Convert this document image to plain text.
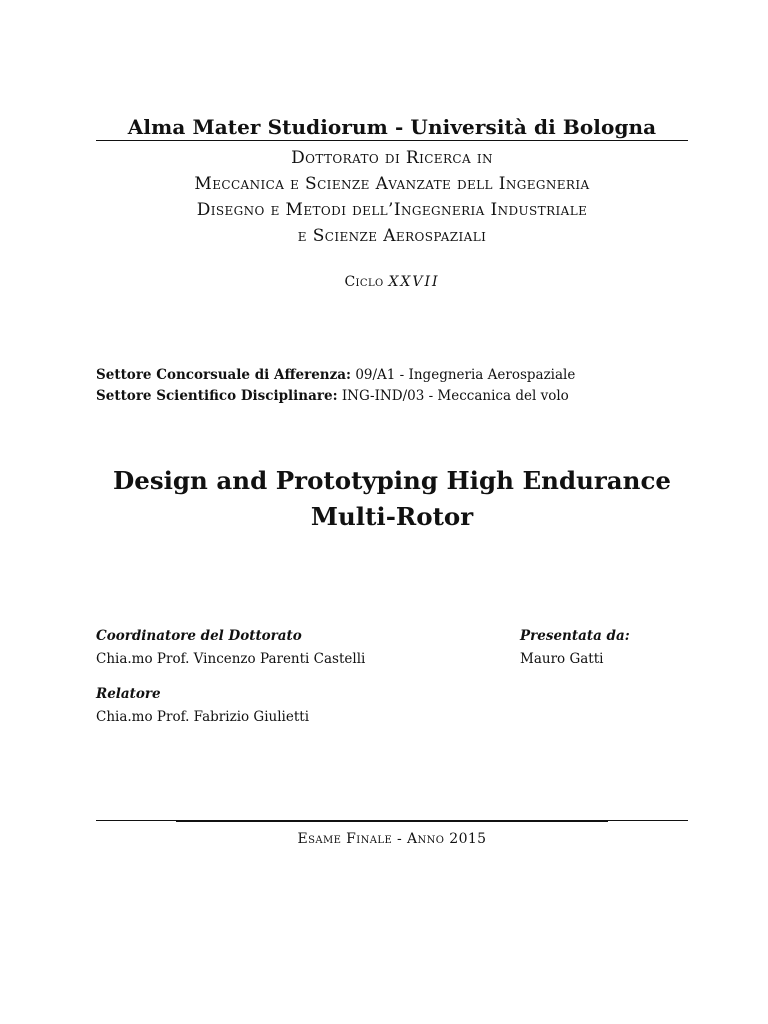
Alma Mater Studiorum - Università di Bologna
Dottorato di Ricerca in
Meccanica e Scienze Avanzate dell Ingegneria
Disegno e Metodi dell’Ingegneria Industriale
e Scienze Aerospaziali
Ciclo XXVII
Settore Concorsuale di Afferenza: 09/A1 - Ingegneria Aerospaziale
Settore Scientifico Disciplinare: ING-IND/03 - Meccanica del volo
Design and Prototyping High Endurance
Multi-Rotor
Coordinatore del Dottorato
Chia.mo Prof. Vincenzo Parenti Castelli
Presentata da:
Mauro Gatti
Relatore
Chia.mo Prof. Fabrizio Giulietti
Esame Finale - Anno 2015
